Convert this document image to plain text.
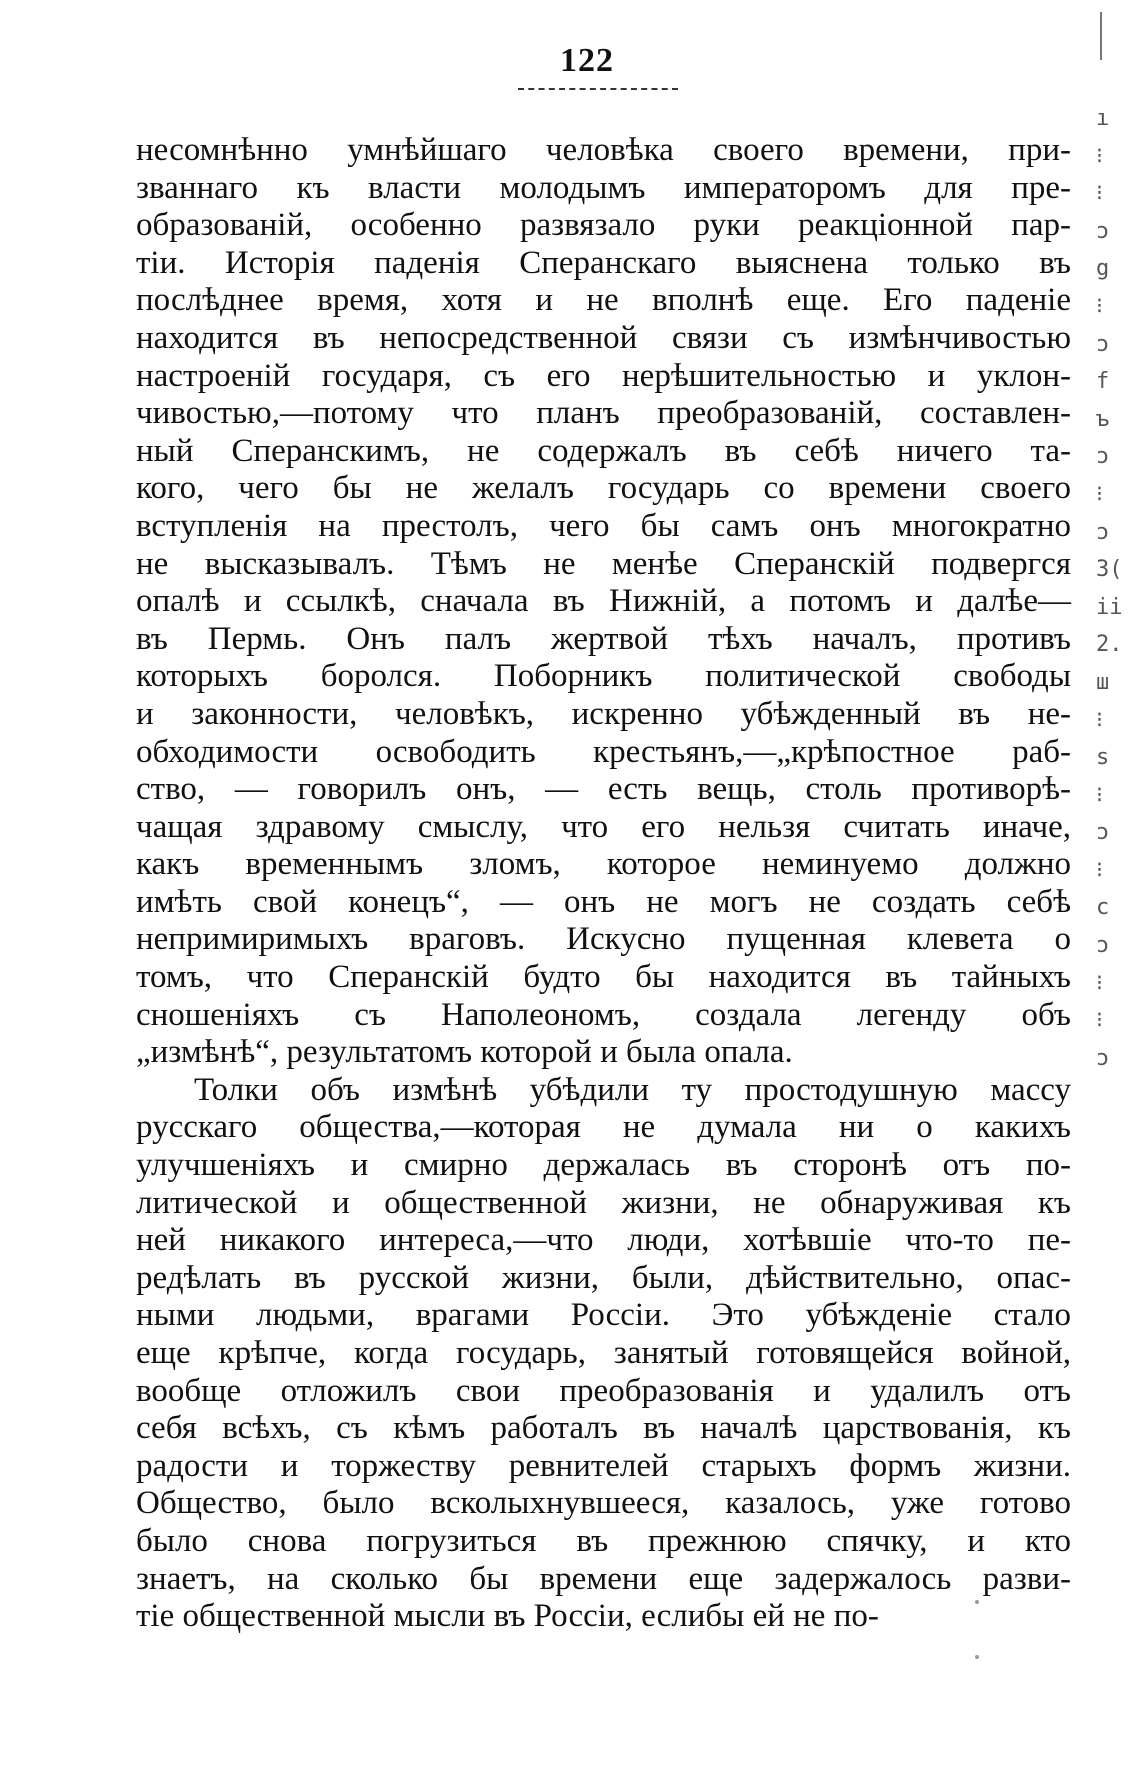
122
несомнѣнно умнѣйшаго человѣка своего времени, при-
званнаго къ власти молодымъ императоромъ для пре-
образованій, особенно развязало руки реакціонной пар-
тіи. Исторія паденія Сперанскаго выяснена только въ
послѣднее время, хотя и не вполнѣ еще. Его паденіе
находится въ непосредственной связи съ измѣнчивостью
настроеній государя, съ его нерѣшительностью и уклон-
чивостью,—потому что планъ преобразованій, составлен-
ный Сперанскимъ, не содержалъ въ себѣ ничего та-
кого, чего бы не желалъ государь со времени своего
вступленія на престолъ, чего бы самъ онъ многократно
не высказывалъ. Тѣмъ не менѣе Сперанскій подвергся
опалѣ и ссылкѣ, сначала въ Нижній, а потомъ и далѣе—
въ Пермь. Онъ палъ жертвой тѣхъ началъ, противъ
которыхъ боролся. Поборникъ политической свободы
и законности, человѣкъ, искренно убѣжденный въ не-
обходимости освободить крестьянъ,—„крѣпостное раб-
ство, — говорилъ онъ, — есть вещь, столь противорѣ-
чащая здравому смыслу, что его нельзя считать иначе,
какъ временнымъ зломъ, которое неминуемо должно
имѣть свой конецъ“, — онъ не могъ не создать себѣ
непримиримыхъ враговъ. Искусно пущенная клевета о
томъ, что Сперанскій будто бы находится въ тайныхъ
сношеніяхъ съ Наполеономъ, создала легенду объ
„измѣнѣ“, результатомъ которой и была опала.
Толки объ измѣнѣ убѣдили ту простодушную массу
русскаго общества,—которая не думала ни о какихъ
улучшеніяхъ и смирно держалась въ сторонѣ отъ по-
литической и общественной жизни, не обнаруживая къ
ней никакого интереса,—что люди, хотѣвшіе что-то пе-
редѣлать въ русской жизни, были, дѣйствительно, опас-
ными людьми, врагами Россіи. Это убѣжденіе стало
еще крѣпче, когда государь, занятый готовящейся войной,
вообще отложилъ свои преобразованія и удалилъ отъ
себя всѣхъ, съ кѣмъ работалъ въ началѣ царствованія, къ
радости и торжеству ревнителей старыхъ формъ жизни.
Общество, было всколыхнувшееся, казалось, уже готово
было снова погрузиться въ прежнюю спячку, и кто
знаетъ, на сколько бы времени еще задержалось разви-
тіе общественной мысли въ Россіи, еслибы ей не по-
ı
⁝
⁝
ɔ
g
⁝
ɔ
f
ъ
ɔ
⁝
ɔ
3(
ii
2.
ш
⁝
s
⁝
ɔ
⁝
c
ɔ
⁝
⁝
ɔ
